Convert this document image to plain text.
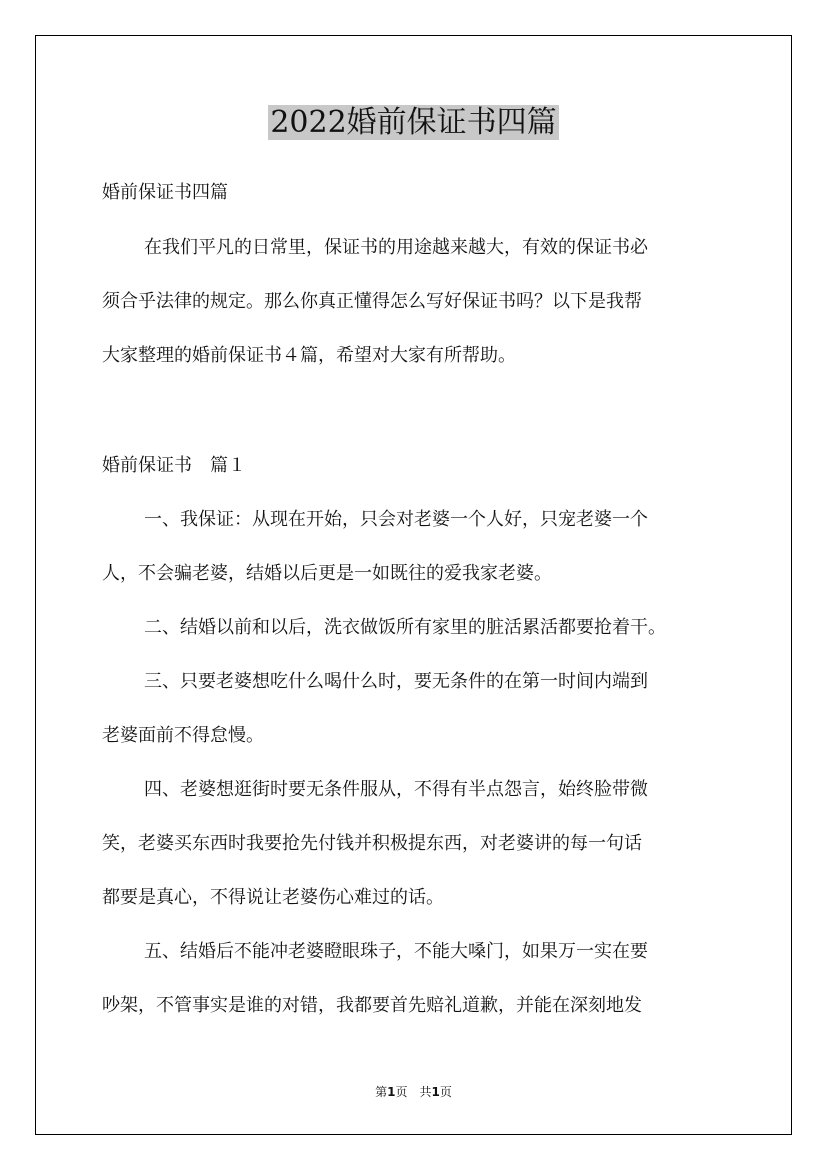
2022婚前保证书四篇

婚前保证书四篇

在我们平凡的日常里，保证书的用途越来越大，有效的保证书必

须合乎法律的规定。那么你真正懂得怎么写好保证书吗？以下是我帮

大家整理的婚前保证书４篇，希望对大家有所帮助。

婚前保证书　篇１

一、我保证：从现在开始，只会对老婆一个人好，只宠老婆一个

人，不会骗老婆，结婚以后更是一如既往的爱我家老婆。

二、结婚以前和以后，洗衣做饭所有家里的脏活累活都要抢着干。

三、只要老婆想吃什么喝什么时，要无条件的在第一时间内端到

老婆面前不得怠慢。

四、老婆想逛街时要无条件服从，不得有半点怨言，始终脸带微

笑，老婆买东西时我要抢先付钱并积极提东西，对老婆讲的每一句话

都要是真心，不得说让老婆伤心难过的话。

五、结婚后不能冲老婆瞪眼珠子，不能大嗓门，如果万一实在要

吵架，不管事实是谁的对错，我都要首先赔礼道歉，并能在深刻地发

第1页　共1页
